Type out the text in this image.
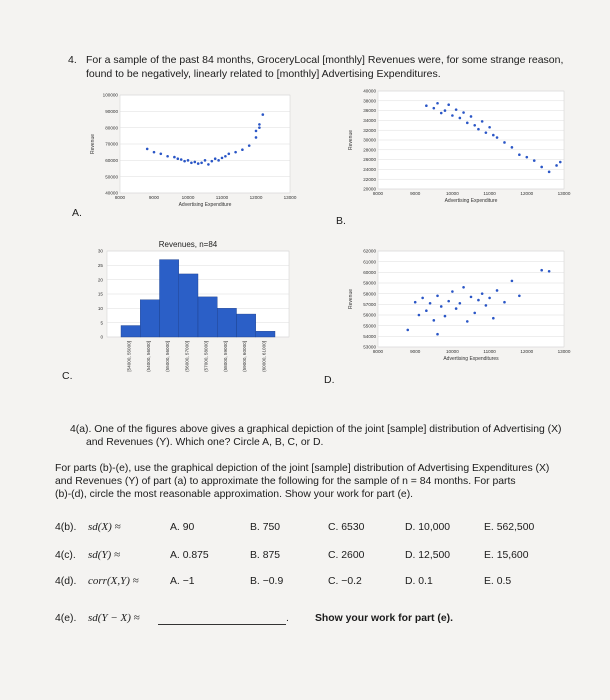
4. For a sample of the past 84 months, GroceryLocal [monthly] Revenues were, for some strange reason,
found to be negatively, linearly related to [monthly] Advertising Expenditures.
A.
B.
C.	D.
40000
50000
60000
70000
80000
90000
100000
8000	9000	10000	11000	12000	13000
Advertising Expenditure
Revenue
20000
22000
24000
26000
28000
30000
32000
34000
36000
38000
40000
8000	9000	10000	11000	12000	13000
Advertising Expenditure
Revenue
Revenues, n=84
0
5
10
15
20
25
30
[54000, 55000]	(54000, 56000]	(55000, 56000]	(56000, 57000]	(57000, 58000]	(58000, 59000]	(59000, 60000]	(60000, 61000]	53000
54000
55000
56000
57000
58000
59000
60000
61000
62000
8000	9000	10000	11000	12000	13000
Advertising Expenditures
Revenue
4(a). One of the figures above gives a graphical depiction of the joint [sample] distribution of Advertising (X)
and Revenues (Y). Which one? Circle A, B, C, or D.
For parts (b)-(e), use the graphical depiction of the joint [sample] distribution of Advertising Expenditures (X)
and Revenues (Y) of part (a) to approximate the following for the sample of n = 84 months. For parts
(b)-(d), circle the most reasonable approximation. Show your work for part (e).
4(b). sd(X) ≈	A. 90	B. 750	C. 6530	D. 10,000	E. 562,500
4(c). sd(Y) ≈	A. 0.875	B. 875	C. 2600	D. 12,500	E. 15,600
4(d). corr(X,Y) ≈	A. −1	B. −0.9	C. −0.2	D. 0.1	E. 0.5
4(e). sd(Y − X) ≈	.	Show your work for part (e).
